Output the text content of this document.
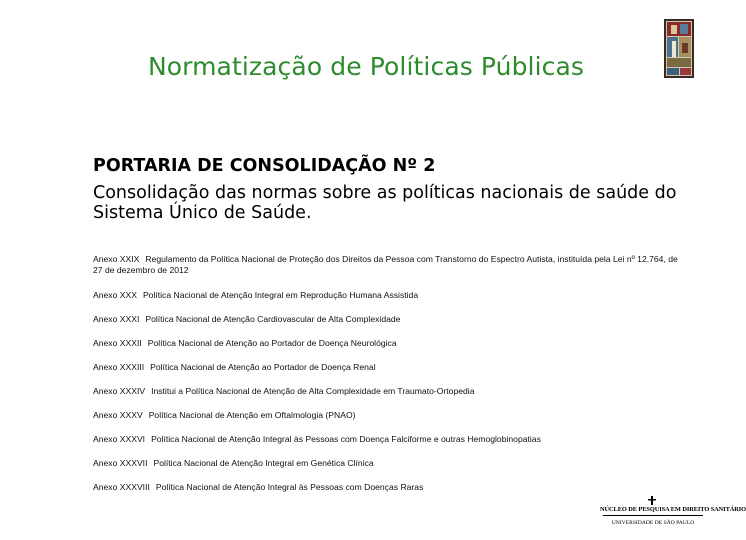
Normatização de Políticas Públicas
PORTARIA DE CONSOLIDAÇÃO Nº 2
Consolidação das normas sobre as políticas nacionais de saúde do Sistema Único de Saúde.
Anexo XXIX Regulamento da Política Nacional de Proteção dos Direitos da Pessoa com Transtorno do Espectro Autista, instituída pela Lei nº 12.764, de 27 de dezembro de 2012
Anexo XXX Política Nacional de Atenção Integral em Reprodução Humana Assistida
Anexo XXXI Política Nacional de Atenção Cardiovascular de Alta Complexidade
Anexo XXXII Política Nacional de Atenção ao Portador de Doença Neurológica
Anexo XXXIII Política Nacional de Atenção ao Portador de Doença Renal
Anexo XXXIV Institui a Política Nacional de Atenção de Alta Complexidade em Traumato-Ortopedia
Anexo XXXV Política Nacional de Atenção em Oftalmologia (PNAO)
Anexo XXXVI Política Nacional de Atenção Integral às Pessoas com Doença Falciforme e outras Hemoglobinopatias
Anexo XXXVII Política Nacional de Atenção Integral em Genética Clínica
Anexo XXXVIII Política Nacional de Atenção Integral às Pessoas com Doenças Raras
NÚCLEO DE PESQUISA EM DIREITO SANITÁRIO
UNIVERSIDADE DE SÃO PAULO
